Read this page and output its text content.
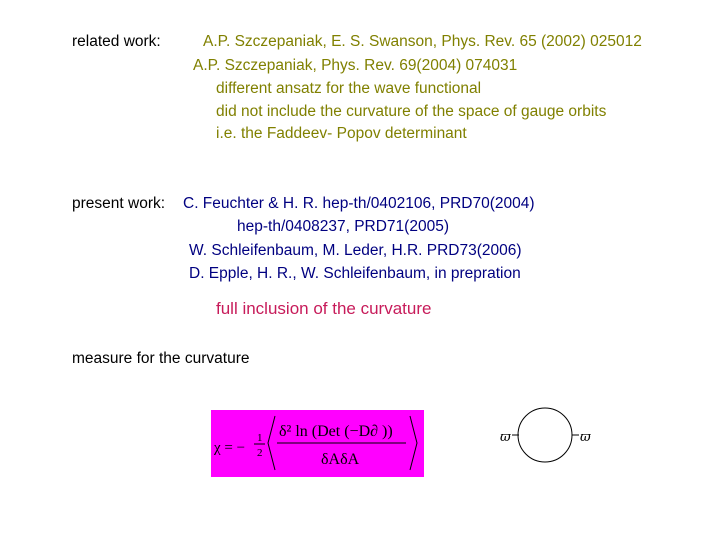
related work:	A.P. Szczepaniak, E. S. Swanson, Phys. Rev. 65 (2002) 025012
A.P. Szczepaniak, Phys. Rev. 69(2004) 074031
different ansatz for the wave functional
did not include the curvature of the space of gauge orbits
i.e. the Faddeev- Popov determinant
present work: C. Feuchter & H. R. hep-th/0402106, PRD70(2004)
hep-th/0408237, PRD71(2005)
W. Schleifenbaum, M. Leder, H.R. PRD73(2006)
D. Epple, H. R., W. Schleifenbaum, in prepration
full inclusion of the curvature
measure for the curvature
χ = −
1
2
δ² ln (Det (−D∂ ))
δAδA
ϖ	ϖ
